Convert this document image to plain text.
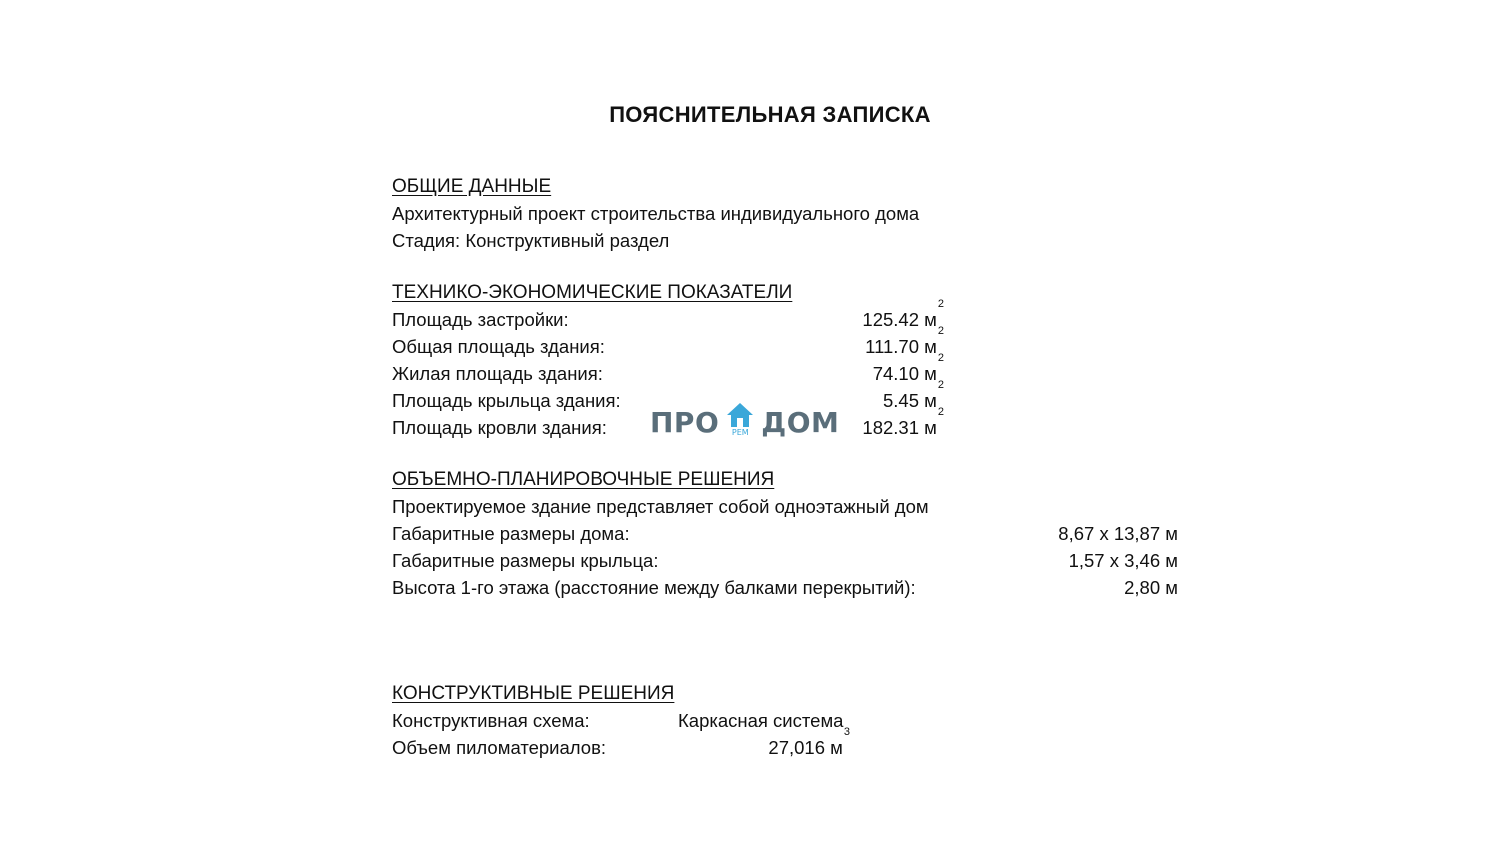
ПОЯСНИТЕЛЬНАЯ ЗАПИСКА
ОБЩИЕ ДАННЫЕ
Архитектурный проект строительства индивидуального дома
Стадия: Конструктивный раздел
ТЕХНИКО-ЭКОНОМИЧЕСКИЕ ПОКАЗАТЕЛИ
Площадь застройки:	125.42 $м^2$
Общая площадь здания:	111.70 $м^2$
Жилая площадь здания:	74.10 $м^2$
Площадь крыльца здания:	5.45 $м^2$
Площадь кровли здания:	182.31 $м^2$
ПРО РЕМ ДОМ
ОБЪЕМНО-ПЛАНИРОВОЧНЫЕ РЕШЕНИЯ
Проектируемое здание представляет собой одноэтажный дом
Габаритные размеры дома:	8,67 x 13,87 м
Габаритные размеры крыльца:	1,57 x 3,46 м
Высота 1-го этажа (расстояние между балками перекрытий):	2,80 м
КОНСТРУКТИВНЫЕ РЕШЕНИЯ
Конструктивная схема:	Каркасная система
Объем пиломатериалов:	27,016 $м^3$
